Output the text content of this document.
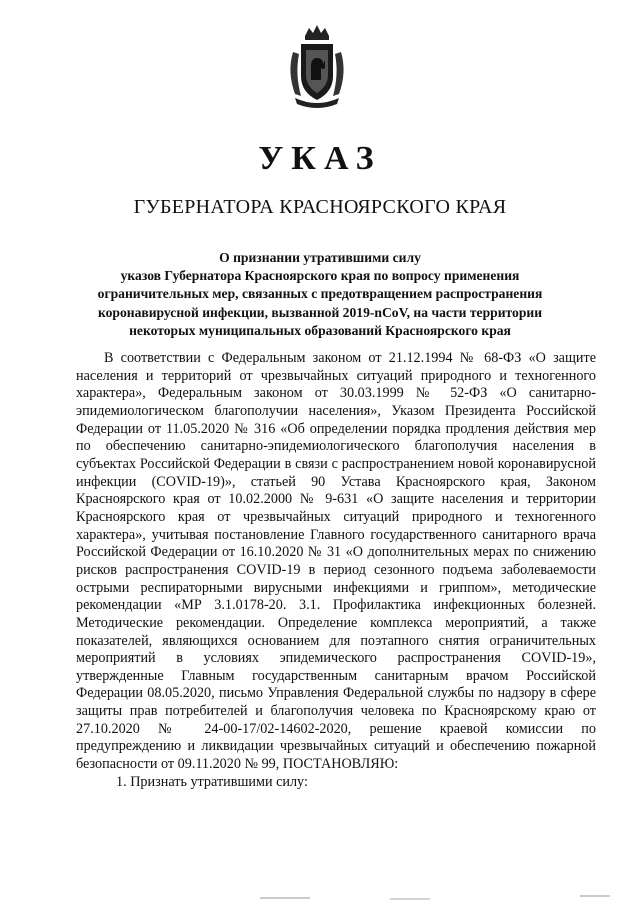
УКАЗ
ГУБЕРНАТОРА КРАСНОЯРСКОГО КРАЯ
О признании утратившими силу
указов Губернатора Красноярского края по вопросу применения
ограничительных мер, связанных с предотвращением распространения
коронавирусной инфекции, вызванной 2019-nCoV, на части территории
некоторых муниципальных образований Красноярского края

В соответствии с Федеральным законом от 21.12.1994 № 68-ФЗ «О защите населения и территорий от чрезвычайных ситуаций природного и техногенного характера», Федеральным законом от 30.03.1999 № 52-ФЗ «О санитарно-эпидемиологическом благополучии населения», Указом Президента Российской Федерации от 11.05.2020 № 316 «Об определении порядка продления действия мер по обеспечению санитарно-эпидемиологического благополучия населения в субъектах Российской Федерации в связи с распространением новой коронавирусной инфекции (COVID-19)», статьей 90 Устава Красноярского края, Законом Красноярского края от 10.02.2000 № 9-631 «О защите населения и территории Красноярского края от чрезвычайных ситуаций природного и техногенного характера», учитывая постановление Главного государственного санитарного врача Российской Федерации от 16.10.2020 № 31 «О дополнительных мерах по снижению рисков распространения COVID-19 в период сезонного подъема заболеваемости острыми респираторными вирусными инфекциями и гриппом», методические рекомендации «МР 3.1.0178-20. 3.1. Профилактика инфекционных болезней. Методические рекомендации. Определение комплекса мероприятий, а также показателей, являющихся основанием для поэтапного снятия ограничительных мероприятий в условиях эпидемического распространения COVID-19», утвержденные Главным государственным санитарным врачом Российской Федерации 08.05.2020, письмо Управления Федеральной службы по надзору в сфере защиты прав потребителей и благополучия человека по Красноярскому краю от 27.10.2020 № 24-00-17/02-14602-2020, решение краевой комиссии по предупреждению и ликвидации чрезвычайных ситуаций и обеспечению пожарной безопасности от 09.11.2020 № 99, ПОСТАНОВЛЯЮ:

1. Признать утратившими силу:
